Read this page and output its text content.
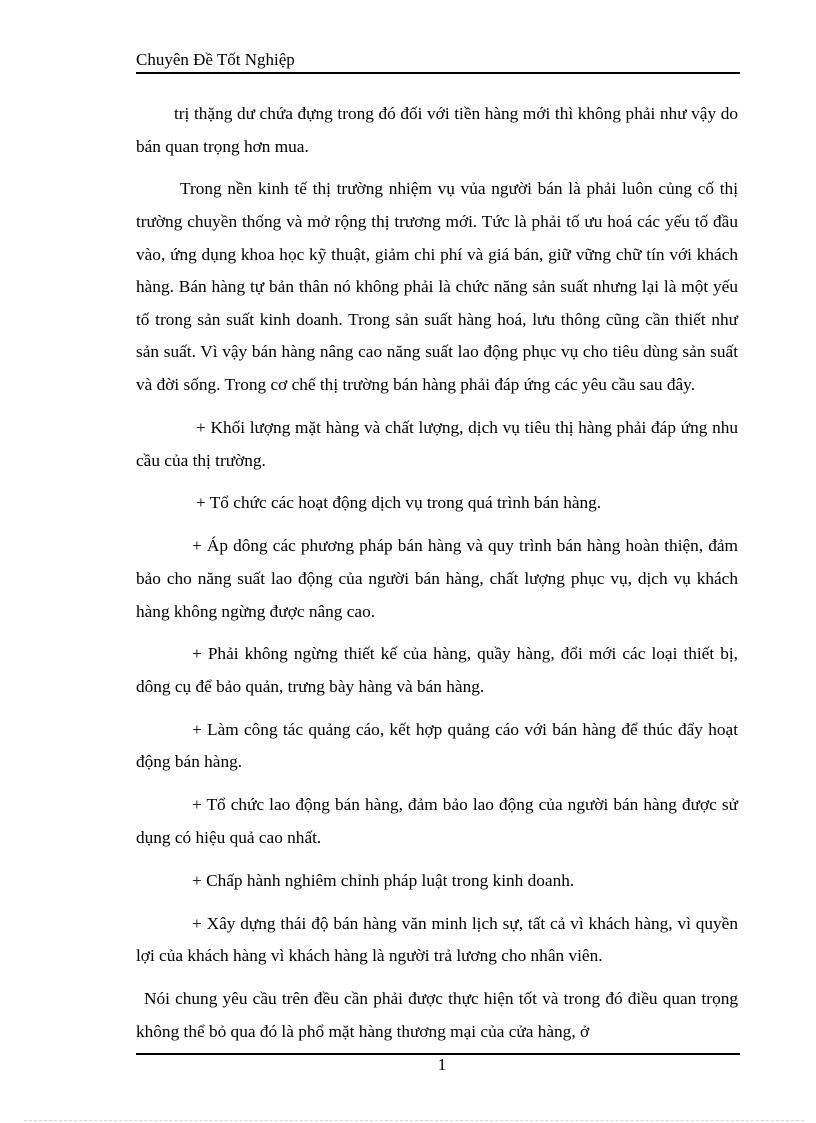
Chuyên Đề Tốt Nghiệp

trị thặng dư chứa đựng trong đó đối với tiền hàng mới thì không phải như vậy do bán quan trọng hơn mua.

Trong nền kinh tế thị trường nhiệm vụ vủa người bán là phải luôn củng cố thị trường chuyền thống và mở rộng thị trương mới. Tức là phải tố ưu hoá các yếu tố đầu vào, ứng dụng khoa học kỹ thuật, giảm chi phí và giá bán, giữ vững chữ tín với khách hàng. Bán hàng tự bản thân nó không phải là chức năng sản suất nhưng lại là một yếu tố trong sản suất kinh doanh. Trong sản suất hàng hoá, lưu thông cũng cần thiết như sản suất. Vì vậy bán hàng nâng cao năng suất lao động phục vụ cho tiêu dùng sản suất và đời sống. Trong cơ chế thị trường bán hàng phải đáp ứng các yêu cầu sau đây.

+ Khối lượng mặt hàng và chất lượng, dịch vụ tiêu thị hàng phải đáp ứng nhu cầu của thị trường.

+ Tổ chức các hoạt động dịch vụ trong quá trình bán hàng.

+ Áp dông các phương pháp bán hàng và quy trình bán hàng hoàn thiện, đảm bảo cho năng suất lao động của người bán hàng, chất lượng phục vụ, dịch vụ khách hàng không ngừng được nâng cao.

+ Phải không ngừng thiết kế của hàng, quầy hàng, đổi mới các loại thiết bị, dông cụ để bảo quản, trưng bày hàng và bán hàng.

+ Làm công tác quảng cáo, kết hợp quảng cáo với bán hàng để thúc đẩy hoạt động bán hàng.

+ Tổ chức lao động bán hàng, đảm bảo lao động của người bán hàng được sử dụng có hiệu quả cao nhất.

+ Chấp hành nghiêm chỉnh pháp luật trong kinh doanh.

+ Xây dựng thái độ bán hàng văn minh lịch sự, tất cả vì khách hàng, vì quyền lợi của khách hàng vì khách hàng là người trả lương cho nhân viên.

Nói chung yêu cầu trên đều cần phải được thực hiện tốt và trong đó điều quan trọng không thể bỏ qua đó là phổ mặt hàng thương mại của cửa hàng, ở

1
